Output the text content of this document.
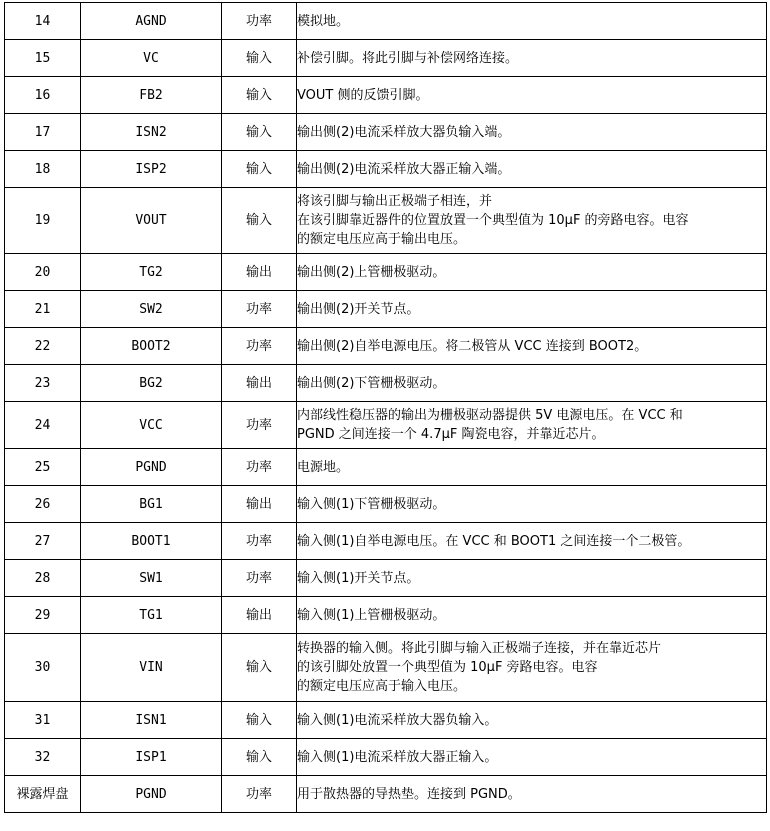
14	AGND	功率	模拟地。

15	VC	输入	补偿引脚。将此引脚与补偿网络连接。

16	FB2	输入	VOUT 侧的反馈引脚。

17	ISN2	输入	输出侧(2)电流采样放大器负输入端。

18	ISP2	输入	输出侧(2)电流采样放大器正输入端。

19	VOUT	输入	将该引脚与输出正极端子相连，并
在该引脚靠近器件的位置放置一个典型值为 10μF 的旁路电容。电容
的额定电压应高于输出电压。

20	TG2	输出	输出侧(2)上管栅极驱动。

21	SW2	功率	输出侧(2)开关节点。

22	BOOT2	功率	输出侧(2)自举电源电压。将二极管从 VCC 连接到 BOOT2。

23	BG2	输出	输出侧(2)下管栅极驱动。

24	VCC	功率	内部线性稳压器的输出为栅极驱动器提供 5V 电源电压。在 VCC 和
PGND 之间连接一个 4.7μF 陶瓷电容，并靠近芯片。

25	PGND	功率	电源地。

26	BG1	输出	输入侧(1)下管栅极驱动。

27	BOOT1	功率	输入侧(1)自举电源电压。在 VCC 和 BOOT1 之间连接一个二极管。

28	SW1	功率	输入侧(1)开关节点。

29	TG1	输出	输入侧(1)上管栅极驱动。

30	VIN	输入	转换器的输入侧。将此引脚与输入正极端子连接，并在靠近芯片
的该引脚处放置一个典型值为 10μF 旁路电容。电容
的额定电压应高于输入电压。

31	ISN1	输入	输入侧(1)电流采样放大器负输入。

32	ISP1	输入	输入侧(1)电流采样放大器正输入。

裸露焊盘	PGND	功率	用于散热器的导热垫。连接到 PGND。
